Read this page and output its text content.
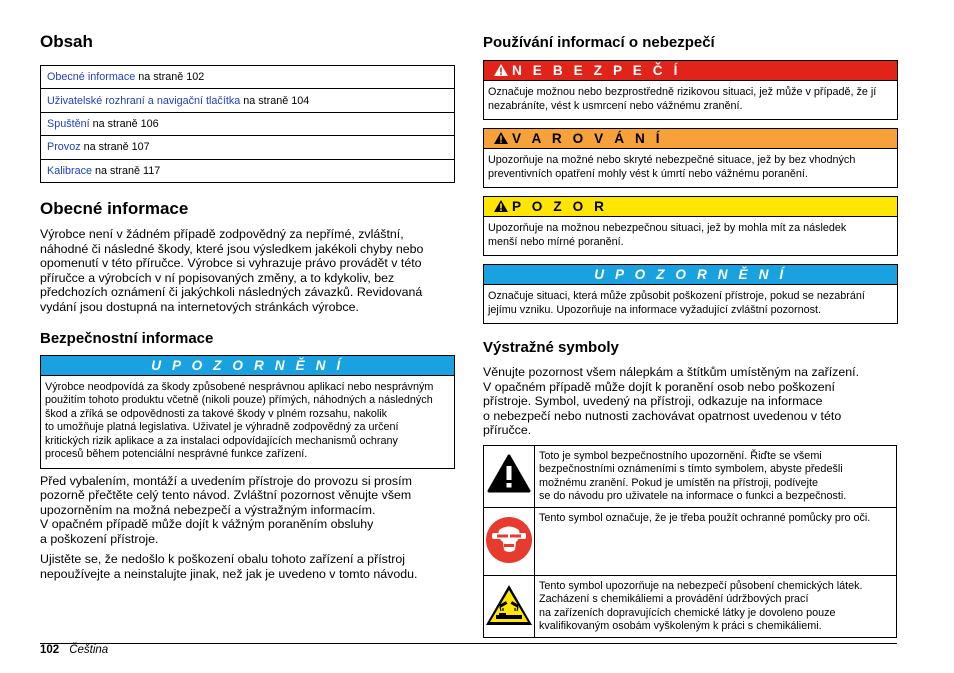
Obsah
Obecné informace na straně 102
Uživatelské rozhraní a navigační tlačítka na straně 104
Spuštění na straně 106
Provoz na straně 107
Kalibrace na straně 117
Obecné informace

Výrobce není v žádném případě zodpovědný za nepřímé, zvláštní,
náhodné či následné škody, které jsou výsledkem jakékoli chyby nebo
opomenutí v této příručce. Výrobce si vyhrazuje právo provádět v této
příručce a výrobcích v ní popisovaných změny, a to kdykoliv, bez
předchozích oznámení či jakýchkoli následných závazků. Revidovaná
vydání jsou dostupná na internetových stránkách výrobce.

Bezpečnostní informace
U P O Z O R N Ě N Í
Výrobce neodpovídá za škody způsobené nesprávnou aplikací nebo nesprávným
použitím tohoto produktu včetně (nikoli pouze) přímých, náhodných a následných
škod a zříká se odpovědnosti za takové škody v plném rozsahu, nakolik
to umožňuje platná legislativa. Uživatel je výhradně zodpovědný za určení
kritických rizik aplikace a za instalaci odpovídajících mechanismů ochrany
procesů během potenciální nesprávné funkce zařízení.

Před vybalením, montáží a uvedením přístroje do provozu si prosím
pozorně přečtěte celý tento návod. Zvláštní pozornost věnujte všem
upozorněním na možná nebezpečí a výstražným informacím.
V opačném případě může dojít k vážným poraněním obsluhy
a poškození přístroje.

Ujistěte se, že nedošlo k poškození obalu tohoto zařízení a přístroj
nepoužívejte a neinstalujte jinak, než jak je uvedeno v tomto návodu.

Používání informací o nebezpečí
N E B E Z P E Č Í
Označuje možnou nebo bezprostředně rizikovou situaci, jež může v případě, že jí
nezabráníte, vést k usmrcení nebo vážnému zranění.
V A R O V Á N Í
Upozorňuje na možné nebo skryté nebezpečné situace, jež by bez vhodných
preventivních opatření mohly vést k úmrtí nebo vážnému poranění.
P O Z O R
Upozorňuje na možnou nebezpečnou situaci, jež by mohla mít za následek
menší nebo mírné poranění.
U P O Z O R N Ě N Í
Označuje situaci, která může způsobit poškození přístroje, pokud se nezabrání
jejímu vzniku. Upozorňuje na informace vyžadující zvláštní pozornost.
Výstražné symboly

Věnujte pozornost všem nálepkám a štítkům umístěným na zařízení.
V opačném případě může dojít k poranění osob nebo poškození
přístroje. Symbol, uvedený na přístroji, odkazuje na informace
o nebezpečí nebo nutnosti zachovávat opatrnost uvedenou v této
příručce.

	Toto je symbol bezpečnostního upozornění. Řiďte se všemi
bezpečnostními oznámeními s tímto symbolem, abyste předešli
možnému zranění. Pokud je umístěn na přístroji, podívejte
se do návodu pro uživatele na informace o funkci a bezpečnosti.
	Tento symbol označuje, že je třeba použít ochranné pomůcky pro oči.
	Tento symbol upozorňuje na nebezpečí působení chemických látek.
Zacházení s chemikáliemi a provádění údržbových prací
na zařízeních dopravujících chemické látky je dovoleno pouze
kvalifikovaným osobám vyškoleným k práci s chemikáliemi.
102 Čeština
